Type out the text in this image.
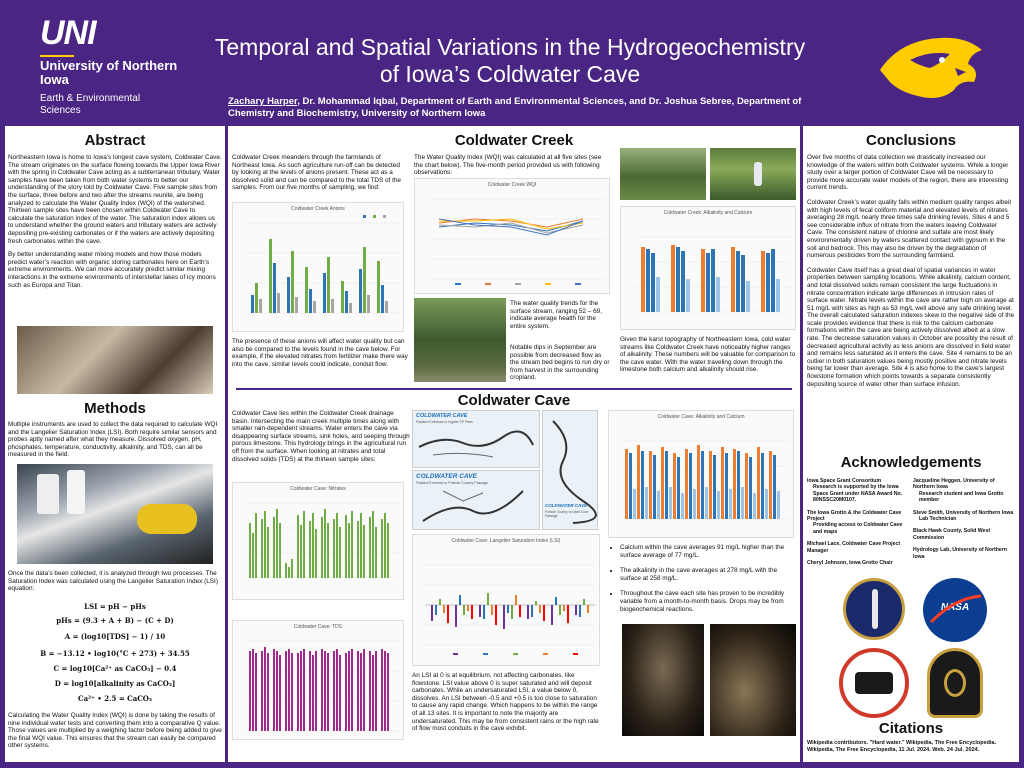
UNI
University of Northern Iowa
Earth & Environmental Sciences
Temporal and Spatial Variations in the Hydrogeochemistry
of Iowa’s Coldwater Cave
Zachary Harper, Dr. Mohammad Iqbal, Department of Earth and Environmental Sciences, and Dr. Joshua Sebree, Department of Chemistry and Biochemistry, University of Northern Iowa
Abstract

Northeastern Iowa is home to Iowa’s longest cave system, Coldwater Cave. The stream originates on the surface flowing towards the Upper Iowa River with the spring in Coldwater Cave acting as a subterranean tributary. Water samples have been taken from both water systems to better our understanding of the story told by Coldwater Cave. Five sample sites from the surface, three before and two after the streams reunite, are being analyzed to calculate the Water Quality Index (WQI) of the watershed. Thirteen sample sites have been chosen within Coldwater Cave to calculate the saturation index of the water. The saturation index allows us to understand whether the ground waters and tributary waters are actively depositing pre-existing carbonates or if the waters are actively depositing fresh carbonates within the cave.

By better understanding water mixing models and how those models predict water’s reaction with organic storing carbonates here on Earth’s extreme environments. We can more accurately predict similar mixing interactions in the extreme environments of interstellar lakes of icy moons such as Europa and Titan.

Methods
Multiple instruments are used to collect the data required to calculate WQI and the Langelier Saturation Index (LSI). Both require similar sensors and probes aptly named after what they measure. Dissolved oxygen, pH, phosphates, temperature, conductivity, alkalinity, and TDS, can all be measured in the field.
Once the data’s been collected, it is analyzed through two processes. The Saturation Index was calculated using the Langelier Saturation Index (LSI) equation:
LSI = pH − pHs
pHs = (9.3 + A + B) − (C + D)
A = (log10[TDS] − 1) / 10
B = −13.12 • log10(°C + 273) + 34.55
C = log10[Ca²⁺ as CaCO₃] − 0.4
D = log10[alkalinity as CaCO₃]
Ca²⁺ • 2.5 = CaCO₃
Calculating the Water Quality Index (WQI) is done by taking the results of nine individual water tests and converting them into a comparative Q value. Those values are multiplied by a weighing factor before being added to give the final WQI value. This ensures that the stream can easily be compared other systems.
Coldwater Creek
Coldwater Creek meanders through the farmlands of Northeast Iowa. As such agriculture run-off can be detected by looking at the levels of anions present. These act as a dissolved solid and can be compared to the total TDS of the samples. From our five months of sampling, we find:
Coldwater Creek Anions
The presence of these anions will affect water quality but can also be compared to the levels found in the cave below. For example, if the elevated nitrates from fertilizer make there way into the cave, similar levels could indicate, conduit flow.
The Water Quality Index (WQI) was calculated at all five sites (see the chart below). The five-month period provided us with following observations:
Coldwater Creek WQI
The water quality trends for the surface stream, ranging 52 – 69, indicate average health for the entire system.
Notable dips in September are possible from decreased flow as the stream bed begins to run dry or from harvest in the surrounding cropland.
Coldwater Creek: Alkalinity and Calcium
Given the karst topography of Northeastern Iowa, cold water streams like Coldwater Creek have noticeably higher ranges of alkalinity. These numbers will be valuable for comparison to the cave water. With the water traveling down through the limestone both calcium and alkalinity should rise.
Coldwater Cave
Coldwater Cave lies within the Coldwater Creek drainage basin. Intersecting the main creek multiple times along with smaller rain-dependent streams. Water enters the cave via disappearing surface streams, sink holes, and seeping through porous limestone. This hydrology brings in the agricultural run off from the surface. When looking at nitrates and total dissolved solids (TDS) at the thirteen sample sites:
Coldwater Cave: Nitrates
Coldwater Cave: TDS
COLDWATER CAVE
Flatland Entrance to Ingalls SP Pass
COLDWATER CAVE
Flatland Entrance to Pothole Country Passage
COLDWATER CAVE
Pothole Country to Dead Coon Passage
Coldwater Cave: Langelier Saturation Index (LSI)
An LSI at 0 is at equilibrium, not affecting carbonates, like flowstone. LSI value above 0 is super saturated and will deposit carbonates. While an undersaturated LSI, a value below 0, dissolves. An LSI between -0.5 and +0.5 is too close to saturation to cause any rapid change. Which happens to be within the range of all 13 sites. It is important to note the majority are undersaturated. This may be from consistent rains or the high rate of flow most conduits in the cave exhibit.
Coldwater Cave: Alkalinity and Calcium
• Calcium within the cave averages 91 mg/L higher than the surface average of 77 mg/L.
• The alkalinity in the cave averages at 278 mg/L with the surface at 258 mg/L.
• Throughout the cave each site has proven to be incredibly variable from a month-to-month basis. Drops may be from biogeochemical reactions.
Conclusions

Over five months of data collection we drastically increased our knowledge of the waters within both Coldwater systems. While a longer study over a larger portion of Coldwater Cave will be necessary to provide more accurate water models of the region, there are interesting current trends.

Coldwater Creek’s water quality falls within medium quality ranges albeit with high levels of fecal coliform material and elevated levels of nitrates averaging 28 mg/L nearly three times safe drinking levels. Sites 4 and 5 see considerable influx of nitrate from the waters leaving Coldwater Cave. The consistent nature of chlorine and sulfate are most likely environmentally driven by waters scattered contact with gypsum in the soil and bedrock. This may also be driven by the degradation of numerous pesticides from the surrounding farmland.

Coldwater Cave itself has a great deal of spatial variances in water properties between sampling locations. While alkalinity, calcium content, and total dissolved solids remain consistent the large fluctuations in nitrate concentration indicate large differences in intrusion rates of surface water. Nitrate levels within the cave are rather high on average at 51 mg/L with sites as high as 53 mg/L well above any safe drinking level. The overall calculated saturation indexes skew to the negative side of the scale provides evidence that there is risk to the calcium carbonate formations within the cave are being actively dissolved albeit at a slow rate. The decrease saturation values in October are possibly the result of decreased agricultural activity as less anions are dissolved in field water and remains less saturated as it enters the cave. Site 4 remains to be an outlier in both saturation values being mostly positive and nitrate levels being far lower than average. Site 4 is also home to the cave’s largest flowstone formation which points towards a separate consistently depositing source of water other than surface infusion.

Acknowledgements
Iowa Space Grant Consortium
Research is supported by the Iowa Space Grant under NASA Award No. 80NSSC20M0107.
The Iowa Grotto & the Coldwater Cave Project
Providing access to Coldwater Cave and maps
Michael Lace, Coldwater Cave Project Manager
Cheryl Johnson, Iowa Grotto Chair
Jacqueline Heggen, University of Northern Iowa
Research student and Iowa Grotto member
Steve Smith, University of Northern Iowa
Lab Technician
Black Hawk County, Solid West Commission
Hydrology Lab, University of Northern Iowa
NASA
Citations
Wikipedia contributors. "Hard water." Wikipedia, The Free Encyclopedia. Wikipedia, The Free Encyclopedia, 11 Jul. 2024. Web. 24 Jul. 2024.
